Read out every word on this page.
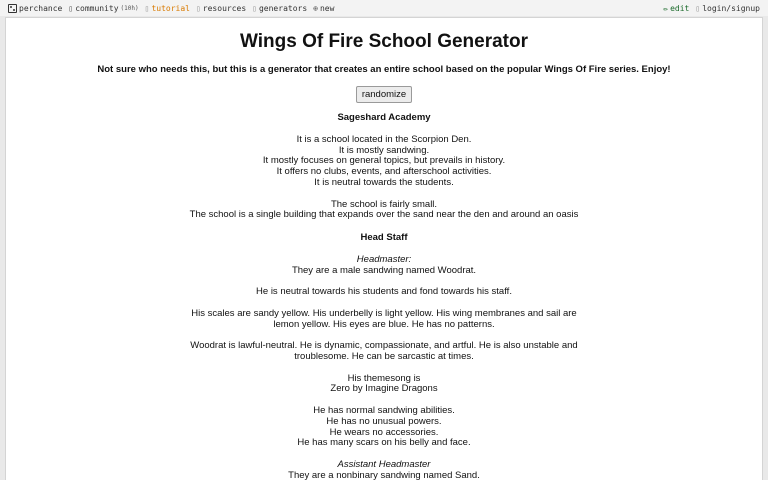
perchance ▯ community (10h) ▯ tutorial ▯ resources ▯ generators ⊕ new	✏ edit ▯ login/signup
Wings Of Fire School Generator
Not sure who needs this, but this is a generator that creates an entire school based on the popular Wings Of Fire series. Enjoy!
randomize
Sageshard Academy
It is a school located in the Scorpion Den.
It is mostly sandwing.
It mostly focuses on general topics, but prevails in history.
It offers no clubs, events, and afterschool activities.
It is neutral towards the students.
The school is fairly small.
The school is a single building that expands over the sand near the den and around an oasis
Head Staff
Headmaster:
They are a male sandwing named Woodrat.
He is neutral towards his students and fond towards his staff.
His scales are sandy yellow. His underbelly is light yellow. His wing membranes and sail are lemon yellow. His eyes are blue. He has no patterns.
Woodrat is lawful-neutral. He is dynamic, compassionate, and artful. He is also unstable and troublesome. He can be sarcastic at times.
His themesong is
Zero by Imagine Dragons
He has normal sandwing abilities.
He has no unusual powers.
He wears no accessories.
He has many scars on his belly and face.
Assistant Headmaster
They are a nonbinary sandwing named Sand.
